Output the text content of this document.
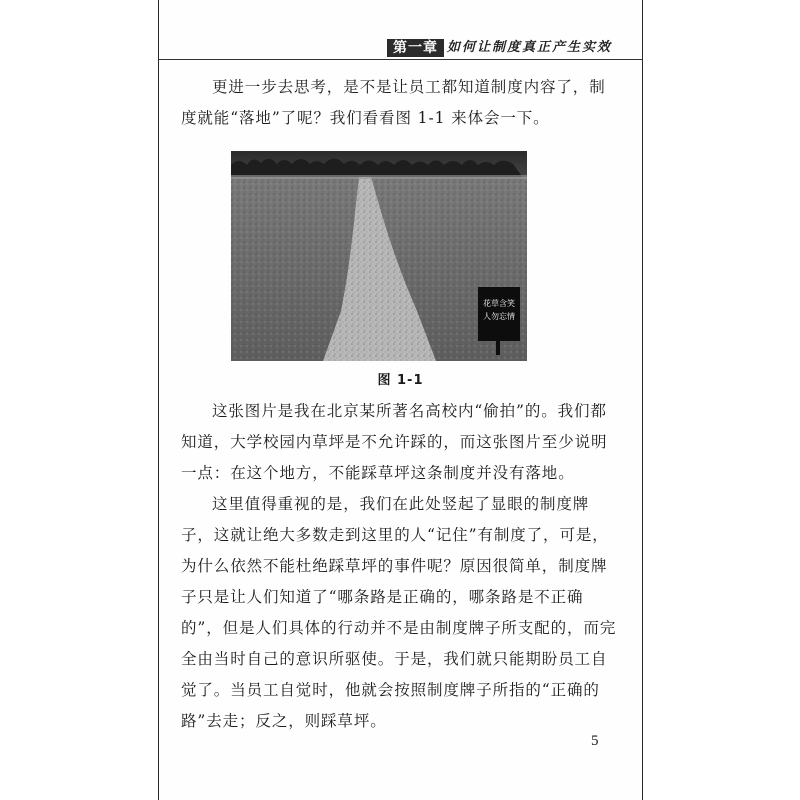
第一章 如何让制度真正产生实效

更进一步去思考，是不是让员工都知道制度内容了，制度就能“落地”了呢？我们看看图 1-1 来体会一下。

花草含笑
人勿忘情
图 1-1

这张图片是我在北京某所著名高校内“偷拍”的。我们都知道，大学校园内草坪是不允许踩的，而这张图片至少说明一点：在这个地方，不能踩草坪这条制度并没有落地。

这里值得重视的是，我们在此处竖起了显眼的制度牌子，这就让绝大多数走到这里的人“记住”有制度了，可是，为什么依然不能杜绝踩草坪的事件呢？原因很简单，制度牌子只是让人们知道了“哪条路是正确的，哪条路是不正确的”，但是人们具体的行动并不是由制度牌子所支配的，而完全由当时自己的意识所驱使。于是，我们就只能期盼员工自觉了。当员工自觉时，他就会按照制度牌子所指的“正确的路”去走；反之，则踩草坪。

5
